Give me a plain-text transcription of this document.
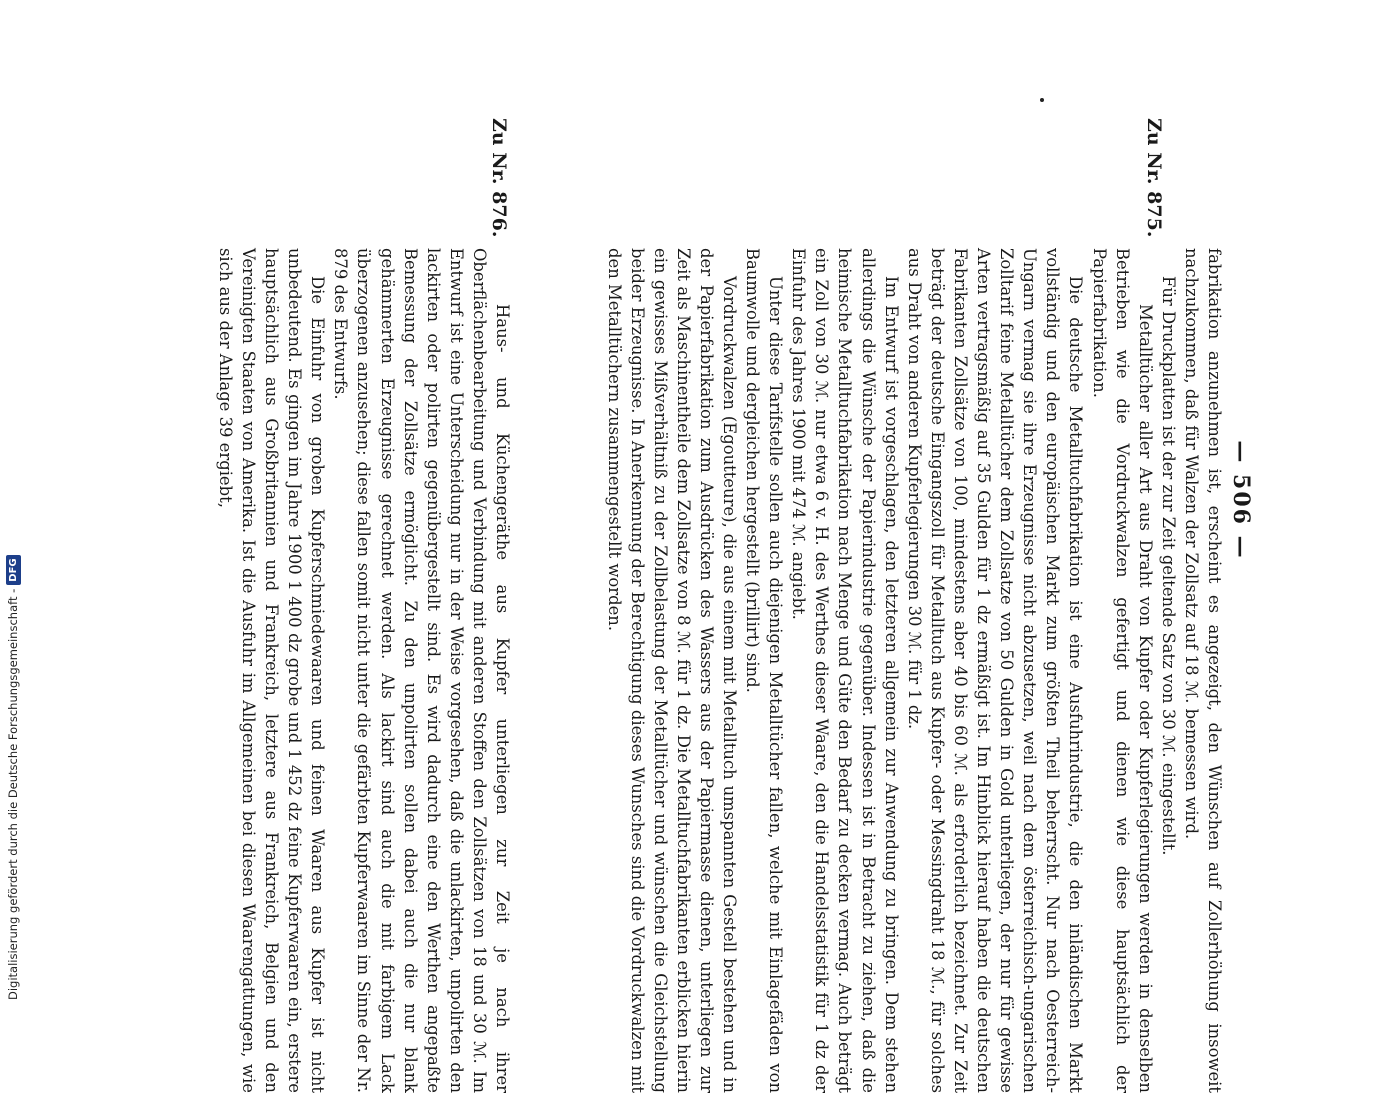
— 506 —
Zu Nr. 875.

fabrikation anzunehmen ist, erscheint es angezeigt, den Wünschen auf Zollerhöhung insoweit nachzukommen, daß für Walzen der Zollsatz auf 18 ℳ. bemessen wird.

Für Druckplatten ist der zur Zeit geltende Satz von 30 ℳ. eingestellt.

Metalltücher aller Art aus Draht von Kupfer oder Kupferlegierungen werden in denselben Betrieben wie die Vordruckwalzen gefertigt und dienen wie diese hauptsächlich der Papierfabrikation.

Die deutsche Metalltuchfabrikation ist eine Ausfuhrindustrie, die den inländischen Markt vollständig und den europäischen Markt zum größten Theil beherrscht. Nur nach Oesterreich-Ungarn vermag sie ihre Erzeugnisse nicht abzusetzen, weil nach dem österreichisch-ungarischen Zolltarif feine Metalltücher dem Zollsatze von 50 Gulden in Gold unterliegen, der nur für gewisse Arten vertragsmäßig auf 35 Gulden für 1 dz ermäßigt ist. Im Hinblick hierauf haben die deutschen Fabrikanten Zollsätze von 100, mindestens aber 40 bis 60 ℳ. als erforderlich bezeichnet. Zur Zeit beträgt der deutsche Eingangszoll für Metalltuch aus Kupfer- oder Messingdraht 18 ℳ., für solches aus Draht von anderen Kupferlegierungen 30 ℳ. für 1 dz.

Im Entwurf ist vorgeschlagen, den letzteren allgemein zur Anwendung zu bringen. Dem stehen allerdings die Wünsche der Papierindustrie gegenüber. Indessen ist in Betracht zu ziehen, daß die heimische Metalltuchfabrikation nach Menge und Güte den Bedarf zu decken vermag. Auch beträgt ein Zoll von 30 ℳ. nur etwa 6 v. H. des Werthes dieser Waare, den die Handelsstatistik für 1 dz der Einfuhr des Jahres 1900 mit 474 ℳ. angiebt.

Unter diese Tarifstelle sollen auch diejenigen Metalltücher fallen, welche mit Einlagefäden von Baumwolle und dergleichen hergestellt (brillirt) sind.

Vordruckwalzen (Egoutteure), die aus einem mit Metalltuch umspannten Gestell bestehen und in der Papierfabrikation zum Ausdrücken des Wassers aus der Papiermasse dienen, unterliegen zur Zeit als Maschinentheile dem Zollsatze von 8 ℳ. für 1 dz. Die Metalltuchfabrikanten erblicken hierin ein gewisses Mißverhältniß zu der Zollbelastung der Metalltücher und wünschen die Gleichstellung beider Erzeugnisse. In Anerkennung der Berechtigung dieses Wunsches sind die Vordruckwalzen mit den Metalltüchern zusammengestellt worden.

Zu Nr. 876.

Haus- und Küchengeräthe aus Kupfer unterliegen zur Zeit je nach ihrer Oberflächenbearbeitung und Verbindung mit anderen Stoffen den Zollsätzen von 18 und 30 ℳ. Im Entwurf ist eine Unterscheidung nur in der Weise vorgesehen, daß die unlackirten, unpolirten den lackirten oder polirten gegenübergestellt sind. Es wird dadurch eine den Werthen angepaßte Bemessung der Zollsätze ermöglicht. Zu den unpolirten sollen dabei auch die nur blank gehämmerten Erzeugnisse gerechnet werden. Als lackirt sind auch die mit farbigem Lack überzogenen anzusehen; diese fallen somit nicht unter die gefärbten Kupferwaaren im Sinne der Nr. 879 des Entwurfs.

Die Einfuhr von groben Kupferschmiedewaaren und feinen Waaren aus Kupfer ist nicht unbedeutend. Es gingen im Jahre 1900 1 400 dz grobe und 1 452 dz feine Kupferwaaren ein, erstere hauptsächlich aus Großbritannien und Frankreich, letztere aus Frankreich, Belgien und den Vereinigten Staaten von Amerika. Ist die Ausfuhr im Allgemeinen bei diesen Waarengattungen, wie sich aus der Anlage 39 ergiebt,

Digitalisierung gefördert durch die Deutsche Forschungsgemeinschaft -
DFG
